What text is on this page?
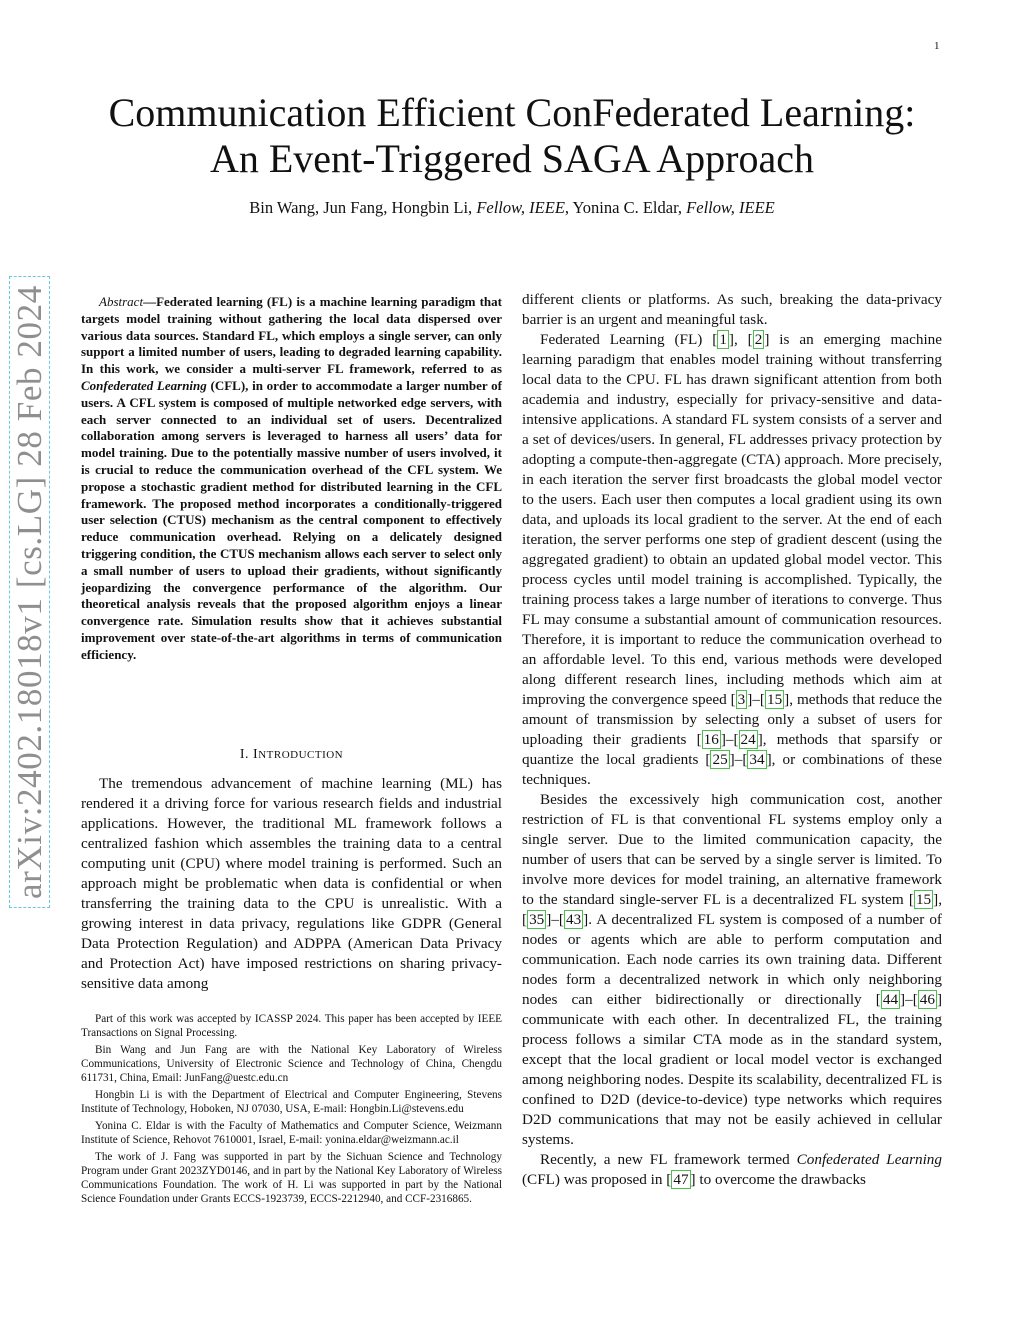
1
arXiv:2402.18018v1 [cs.LG] 28 Feb 2024
Communication Efficient ConFederated Learning:
An Event-Triggered SAGA Approach
Bin Wang, Jun Fang, Hongbin Li, Fellow, IEEE, Yonina C. Eldar, Fellow, IEEE
Abstract—Federated learning (FL) is a machine learning paradigm that targets model training without gathering the local data dispersed over various data sources. Standard FL, which employs a single server, can only support a limited number of users, leading to degraded learning capability. In this work, we consider a multi-server FL framework, referred to as Confederated Learning (CFL), in order to accommodate a larger number of users. A CFL system is composed of multiple networked edge servers, with each server connected to an individual set of users. Decentralized collaboration among servers is leveraged to harness all users’ data for model training. Due to the potentially massive number of users involved, it is crucial to reduce the communication overhead of the CFL system. We propose a stochastic gradient method for distributed learning in the CFL framework. The proposed method incorporates a conditionally-triggered user selection (CTUS) mechanism as the central component to effectively reduce communication overhead. Relying on a delicately designed triggering condition, the CTUS mechanism allows each server to select only a small number of users to upload their gradients, without significantly jeopardizing the convergence performance of the algorithm. Our theoretical analysis reveals that the proposed algorithm enjoys a linear convergence rate. Simulation results show that it achieves substantial improvement over state-of-the-art algorithms in terms of communication efficiency.
I. INTRODUCTION

The tremendous advancement of machine learning (ML) has rendered it a driving force for various research fields and industrial applications. However, the traditional ML framework follows a centralized fashion which assembles the training data to a central computing unit (CPU) where model training is performed. Such an approach might be problematic when data is confidential or when transferring the training data to the CPU is unrealistic. With a growing interest in data privacy, regulations like GDPR (General Data Protection Regulation) and ADPPA (American Data Privacy and Protection Act) have imposed restrictions on sharing privacy-sensitive data among

Part of this work was accepted by ICASSP 2024. This paper has been accepted by IEEE Transactions on Signal Processing.

Bin Wang and Jun Fang are with the National Key Laboratory of Wireless Communications, University of Electronic Science and Technology of China, Chengdu 611731, China, Email: JunFang@uestc.edu.cn

Hongbin Li is with the Department of Electrical and Computer Engineering, Stevens Institute of Technology, Hoboken, NJ 07030, USA, E-mail: Hongbin.Li@stevens.edu

Yonina C. Eldar is with the Faculty of Mathematics and Computer Science, Weizmann Institute of Science, Rehovot 7610001, Israel, E-mail: yonina.eldar@weizmann.ac.il

The work of J. Fang was supported in part by the Sichuan Science and Technology Program under Grant 2023ZYD0146, and in part by the National Key Laboratory of Wireless Communications Foundation. The work of H. Li was supported in part by the National Science Foundation under Grants ECCS-1923739, ECCS-2212940, and CCF-2316865.

different clients or platforms. As such, breaking the data-privacy barrier is an urgent and meaningful task.

Federated Learning (FL) [ 1 ], [ 2 ] is an emerging machine learning paradigm that enables model training without transferring local data to the CPU. FL has drawn significant attention from both academia and industry, especially for privacy-sensitive and data-intensive applications. A standard FL system consists of a server and a set of devices/users. In general, FL addresses privacy protection by adopting a compute-then-aggregate (CTA) approach. More precisely, in each iteration the server first broadcasts the global model vector to the users. Each user then computes a local gradient using its own data, and uploads its local gradient to the server. At the end of each iteration, the server performs one step of gradient descent (using the aggregated gradient) to obtain an updated global model vector. This process cycles until model training is accomplished. Typically, the training process takes a large number of iterations to converge. Thus FL may consume a substantial amount of communication resources. Therefore, it is important to reduce the communication overhead to an affordable level. To this end, various methods were developed along different research lines, including methods which aim at improving the convergence speed [ 3 ]–[ 15 ], methods that reduce the amount of transmission by selecting only a subset of users for uploading their gradients [ 16 ]–[ 24 ], methods that sparsify or quantize the local gradients [ 25 ]–[ 34 ], or combinations of these techniques.

Besides the excessively high communication cost, another restriction of FL is that conventional FL systems employ only a single server. Due to the limited communication capacity, the number of users that can be served by a single server is limited. To involve more devices for model training, an alternative framework to the standard single-server FL is a decentralized FL system [ 15 ], [ 35 ]–[ 43 ]. A decentralized FL system is composed of a number of nodes or agents which are able to perform computation and communication. Each node carries its own training data. Different nodes form a decentralized network in which only neighboring nodes can either bidirectionally or directionally [ 44 ]–[ 46 ] communicate with each other. In decentralized FL, the training process follows a similar CTA mode as in the standard system, except that the local gradient or local model vector is exchanged among neighboring nodes. Despite its scalability, decentralized FL is confined to D2D (device-to-device) type networks which requires D2D communications that may not be easily achieved in cellular systems.

Recently, a new FL framework termed Confederated Learning (CFL) was proposed in [ 47 ] to overcome the drawbacks
